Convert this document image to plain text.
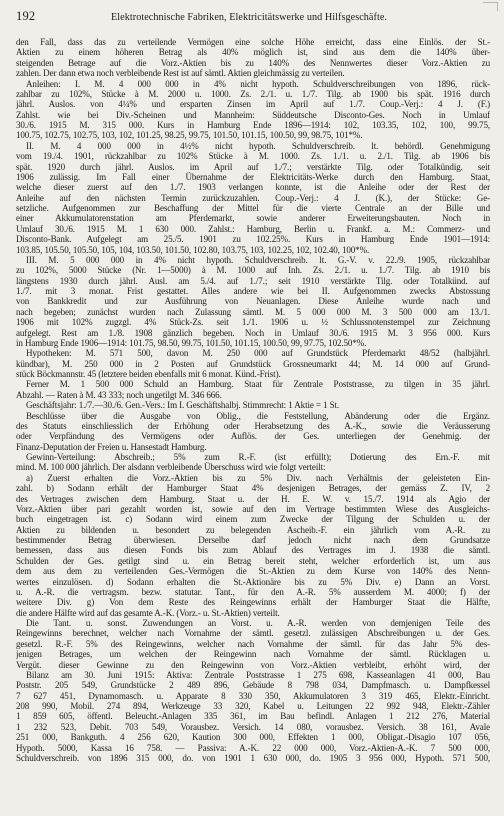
192	Elektrotechnische Fabriken, Elektricitätswerke und Hilfsgeschäfte.
den Fall, dass das zu verteilende Vermögen eine solche Höhe erreicht, dass eine Einlös. der St.-
Aktien zu einem höheren Betrag als 40% möglich ist, sind aus dem die 140% über-
steigenden Betrage auf die Vorz.-Aktien bis zu 140% des Nennwertes dieser Vorz.-Aktien zu
zahlen. Der dann etwa noch verbleibende Rest ist auf sämtl. Aktien gleichmässig zu verteilen.
Anleihen: I. M. 4 000 000 in 4% nicht hypoth. Schuldverschreibungen von 1896, rück-
zahlbar zu 102%, Stücke à M. 2000 u. 1000. Zs. 2./1. u. 1./7. Tilg. ab 1900 bis spät. 1916 durch
jährl. Auslos. von 4¼% und ersparten Zinsen im April auf 1./7. Coup.-Verj.: 4 J. (F.)
Zahlst. wie bei Div.-Scheinen und Mannheim: Süddeutsche Disconto-Ges. Noch in Umlauf
30./6. 1915 M. 315 000. Kurs in Hamburg Ende 1896—1914: 102, 103.35, 102, 100, 99.75,
100.75, 102.75, 102.75, 103, 102, 101.25, 98.25, 99.75, 101.50, 101.15, 100.50, 99, 98.75, 101*%.
II. M. 4 000 000 in 4½% nicht hypoth. Schuldverschreib. lt. behördl. Genehmigung
vom 19./4. 1901, rückzahlbar zu 102% Stücke à M. 1000. Zs. 1./1. u. 2./1. Tilg. ab 1906 bis
spät. 1920 durch jährl. Auslos. im April auf 1./7.; verstärkte Tilg. oder Totalkündig. seit
1906 zulässig. Im Fall einer Übernahme der Elektricitäts-Werke durch den Hamburg. Staat,
welche dieser zuerst auf den 1./7. 1903 verlangen konnte, ist die Anleihe oder der Rest der
Anleihe auf den nächsten Termin zurückzuzahlen. Coup.-Verj.: 4 J. (K.), der Stücke: Ge-
setzliche. Aufgenommen zur Beschaffung der Mittel für die vierte Centrale an der Bille und
einer Akkumulatorenstation am Pferdemarkt, sowie anderer Erweiterungsbauten. Noch in
Umlauf 30./6. 1915 M. 1 630 000. Zahlst.: Hamburg, Berlin u. Frankf. a. M.: Commerz- und
Disconto-Bank. Aufgelegt am 25./5. 1901 zu 102.25%. Kurs in Hamburg Ende 1901—1914:
103.85, 105.50, 105.50, 105, 104, 103.50, 101.50, 102.80, 103.75, 103, 102.25, 102, 102.40, 100*%.
III. M. 5 000 000 in 4% nicht hypoth. Schuldverschreib. lt. G.-V. v. 22./9. 1905, rückzahlbar
zu 102%, 5000 Stücke (Nr. 1—5000) à M. 1000 auf Inh. Zs. 2./1. u. 1./7. Tilg. ab 1910 bis
längstens 1930 durch jährl. Ausl. am 5./4. auf 1./7.; seit 1910 verstärkte Tilg. oder Totalkünd. auf
1./7. mit 3 monat. Frist gestattet. Alles andere wie bei II. Aufgenommen zwecks Abstossung
von Bankkredit und zur Ausführung von Neuanlagen. Diese Anleihe wurde nach und
nach begeben; zunächst wurden nach Zulassung sämtl. M. 5 000 000 M. 3 500 000 am 13./1.
1906 mit 102% zugzgl. 4% Stück-Zs. seit 1./1. 1906 u. ½ Schlussnotenstempel zur Zeichnung
aufgelegt. Rest am 1./8. 1908 gänzlich begeben. Noch in Umlauf 30./6. 1915 M. 3 956 000. Kurs
in Hamburg Ende 1906—1914: 101.75, 98.50, 99.75, 101.50, 101.15, 100.50, 99, 97.75, 102.50*%.
Hypotheken: M. 571 500, davon M. 250 000 auf Grundstück Pferdemarkt 48/52 (halbjährl.
kündbar), M. 250 000 in 2 Posten auf Grundstück Grossneumarkt 44; M. 14 000 auf Grund-
stück Böckmannstr. 45 (letztere beiden ebenfalls mit 6 monat. Künd.-Frist).
Ferner M. 1 500 000 Schuld an Hamburg. Staat für Zentrale Poststrasse, zu tilgen in 35 jährl.
Abzahl. — Raten à M. 43 333; noch ungetilgt M. 346 666.
Geschäftsjahr: 1./7.—30./6. Gen.-Vers.: Im I. Geschäftshalbj. Stimmrecht: 1 Aktie = 1 St.
Beschlüsse über die Ausgabe von Oblig., die Feststellung, Abänderung oder die Ergänz.
des Statuts einschliesslich der Erhöhung oder Herabsetzung des A.-K., sowie die Veräusserung
oder Verpfändung des Vermögens oder Auflös. der Ges. unterliegen der Genehmig. der
Finanz-Deputation der Freien u. Hansestadt Hamburg.
Gewinn-Verteilung: Abschreib.; 5% zum R.-F. (ist erfüllt); Dotierung des Ern.-F. mit
mind. M. 100 000 jährlich. Der alsdann verbleibende Überschuss wird wie folgt verteilt:
a) Zuerst erhalten die Vorz.-Aktien bis zu 5% Div. nach Verhältnis der geleisteten Ein-
zahl. b) Sodann erhält der Hamburger Staat 4% desjenigen Betrages, der gemäss Z. IV, 2
des Vertrages zwischen dem Hamburg. Staat u. der H. E. W. v. 15./7. 1914 als Agio der
Vorz.-Aktien über pari gezahlt worden ist, sowie auf den im Vertrage bestimmten Wiese des Ausgleichs-
buch eingetragen ist. c) Sodann wird einem zum Zwecke der Tilgung der Schulden u. der
Aktien zu bildenden u. besondert zu belegenden Ascheib.-F. ein jährlich vom A.-R. zu
bestimmender Betrag überwiesen. Derselbe darf jedoch nicht nach dem Grundsatze
bemessen, dass aus diesen Fonds bis zum Ablauf des Vertrages im J. 1938 die sämtl.
Schulden der Ges. getilgt sind u. ein Betrag bereit steht, welcher erforderlich ist, um aus
dem aus dem zu verteilenden Ges.-Vermögen die St.-Aktien zu dem Kurse von 140% des Nenn-
wertes einzulösen. d) Sodann erhalten die St.-Aktionäre bis zu 5% Div. e) Dann an Vorst.
u. A.-R. die vertragsm. bezw. statutar. Tant., für den A.-R. 5% ausserdem M. 4000; f) der
weitere Div. g) Von dem Reste des Reingewinns erhält der Hamburger Staat die Hälfte,
die andere Hälfte wird auf das gesamte A.-K. (Vorz.- u. St.-Aktien) verteilt.
Die Tant. u. sonst. Zuwendungen an Vorst. u. A.-R. werden von demjenigen Teile des
Reingewinns berechnet, welcher nach Vornahme der sämtl. gesetzl. zulässigen Abschreibungen u. der Ges.
gesetzl. R.-F. 5% des Reingewinns, welcher nach Vornahme der sämtl. für das Jahr 5% des-
jenigen Betrages, um welchen der Reingewinn nach Vornahme der sämtl. Rücklagen u.
Vergüt. dieser Gewinne zu den Reingewinn von Vorz.-Aktien verbleibt, erhöht wird, der
Bilanz am 30. Juni 1915: Aktiva: Zentrale Poststrasse 1 275 698, Kasseanlagen 41 000, Bau
Poststr. 205 549, Grundstücke 2 489 896, Gebäude 8 798 034, Dampfmasch. u. Dampfkessel
7 627 451, Dynamomasch. u. Apparate 8 330 350, Akkumulatoren 3 319 465, Elektr.-Einricht.
208 990, Mobil. 274 894, Werkzeuge 33 320, Kabel u. Leitungen 22 992 948, Elektr.-Zähler
1 859 605, öffentl. Beleucht.-Anlagen 335 361, im Bau befindl. Anlagen 1 212 276, Material
1 232 523, Debit. 703 549, Vorausbez. Versich. 14 080, vorausbez. Versich. 38 161, Avale
251 000, Bankguth. 4 256 620, Kaution 300 000, Effekten 1 000, Obligat.-Disagio 107 056,
Hypoth. 5000, Kassa 16 758. — Passiva: A.-K. 22 000 000, Vorz.-Aktien-A.-K. 7 500 000,
Schuldverschreib. von 1896 315 000, do. von 1901 1 630 000, do. 1905 3 956 000, Hypoth. 571 500,
